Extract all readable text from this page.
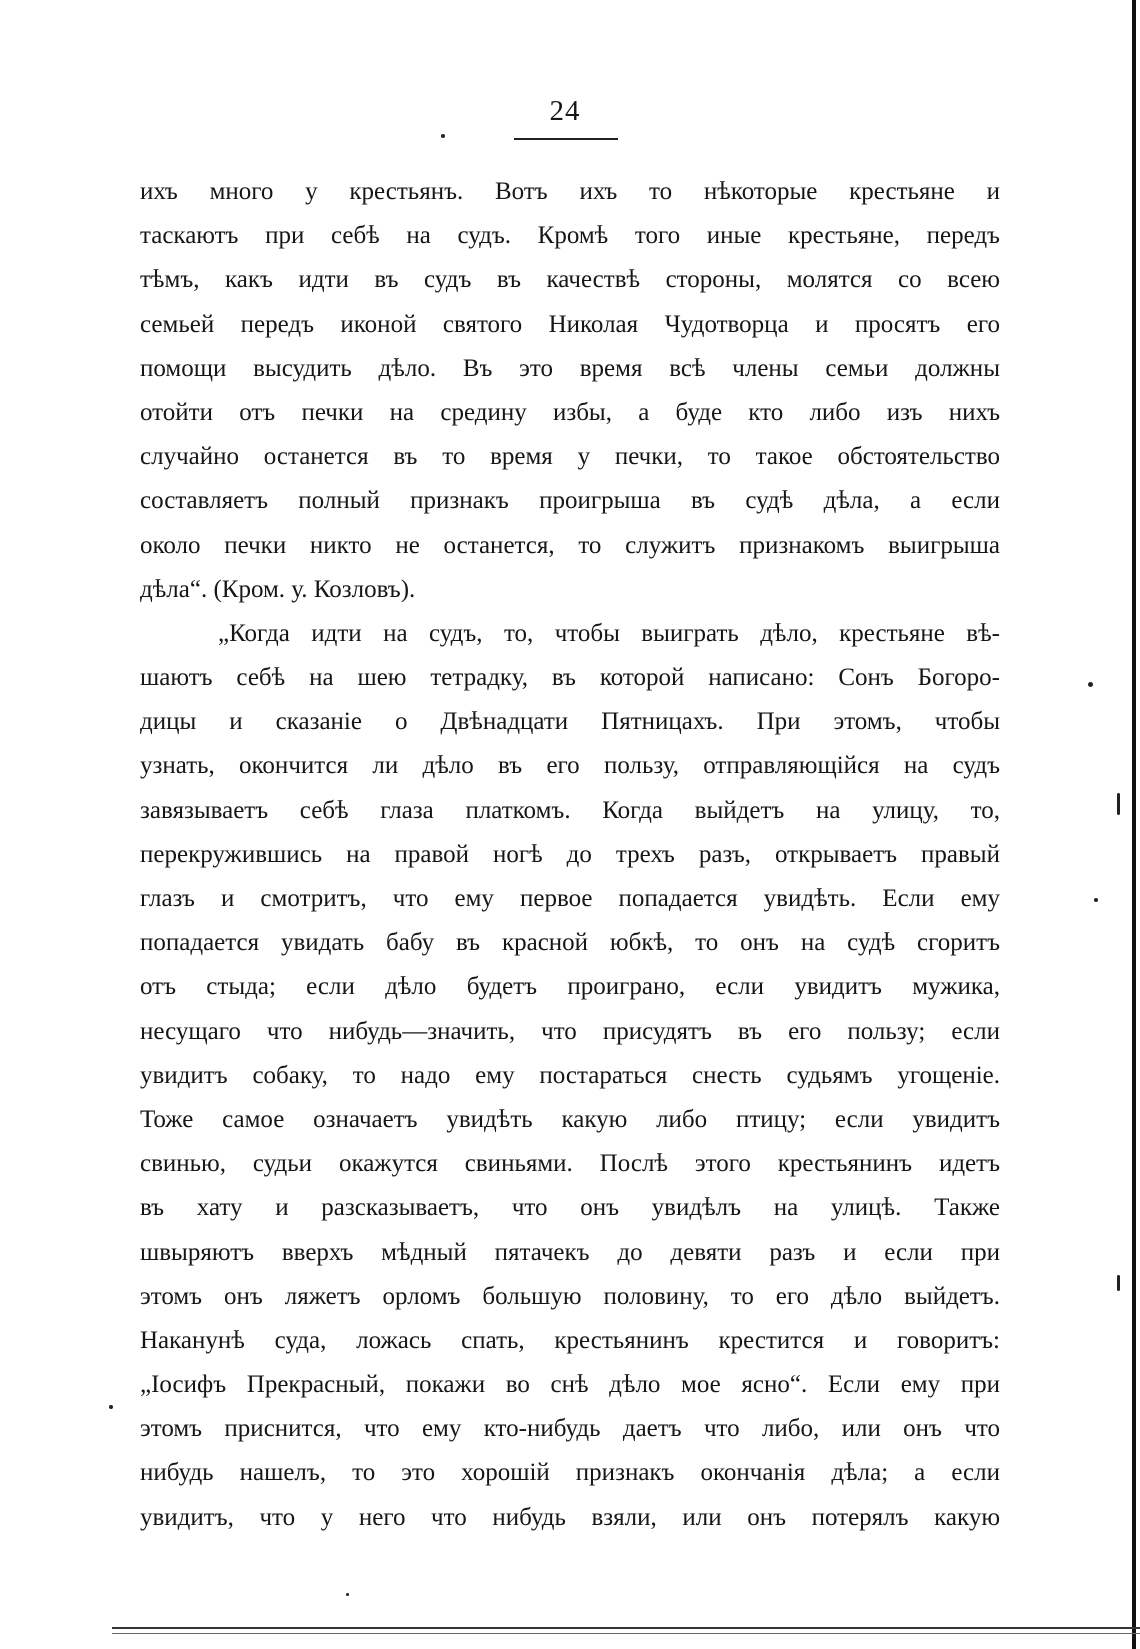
24
ихъ много у крестьянъ. Вотъ ихъ то нѣкоторые крестьяне и
таскаютъ при себѣ на судъ. Кромѣ того иные крестьяне, передъ
тѣмъ, какъ идти въ судъ въ качествѣ стороны, молятся со всею
семьей передъ иконой святого Николая Чудотворца и просятъ его
помощи высудить дѣло. Въ это время всѣ члены семьи должны
отойти отъ печки на средину избы, а буде кто либо изъ нихъ
случайно останется въ то время у печки, то такое обстоятельство
составляетъ полный признакъ проигрыша въ судѣ дѣла, а если
около печки никто не останется, то служитъ признакомъ выигрыша
дѣла“. (Кром. у. Козловъ).
„Когда идти на судъ, то, чтобы выиграть дѣло, крестьяне вѣ-
шаютъ себѣ на шею тетрадку, въ которой написано: Сонъ Богоро-
дицы и сказаніе о Двѣнадцати Пятницахъ. При этомъ, чтобы
узнать, окончится ли дѣло въ его пользу, отправляющійся на судъ
завязываетъ себѣ глаза платкомъ. Когда выйдетъ на улицу, то,
перекружившись на правой ногѣ до трехъ разъ, открываетъ правый
глазъ и смотритъ, что ему первое попадается увидѣть. Если ему
попадается увидать бабу въ красной юбкѣ, то онъ на судѣ сгоритъ
отъ стыда; если дѣло будетъ проиграно, если увидитъ мужика,
несущаго что нибудь—значить, что присудятъ въ его пользу; если
увидитъ собаку, то надо ему постараться снесть судьямъ угощеніе.
Тоже самое означаетъ увидѣть какую либо птицу; если увидитъ
свинью, судьи окажутся свиньями. Послѣ этого крестьянинъ идетъ
въ хату и разсказываетъ, что онъ увидѣлъ на улицѣ. Также
швыряютъ вверхъ мѣдный пятачекъ до девяти разъ и если при
этомъ онъ ляжетъ орломъ большую половину, то его дѣло выйдетъ.
Наканунѣ суда, ложась спать, крестьянинъ крестится и говоритъ:
„Іосифъ Прекрасный, покажи во снѣ дѣло мое ясно“. Если ему при
этомъ приснится, что ему кто-нибудь даетъ что либо, или онъ что
нибудь нашелъ, то это хорошій признакъ окончанія дѣла; а если
увидитъ, что у него что нибудь взяли, или онъ потерялъ какую
